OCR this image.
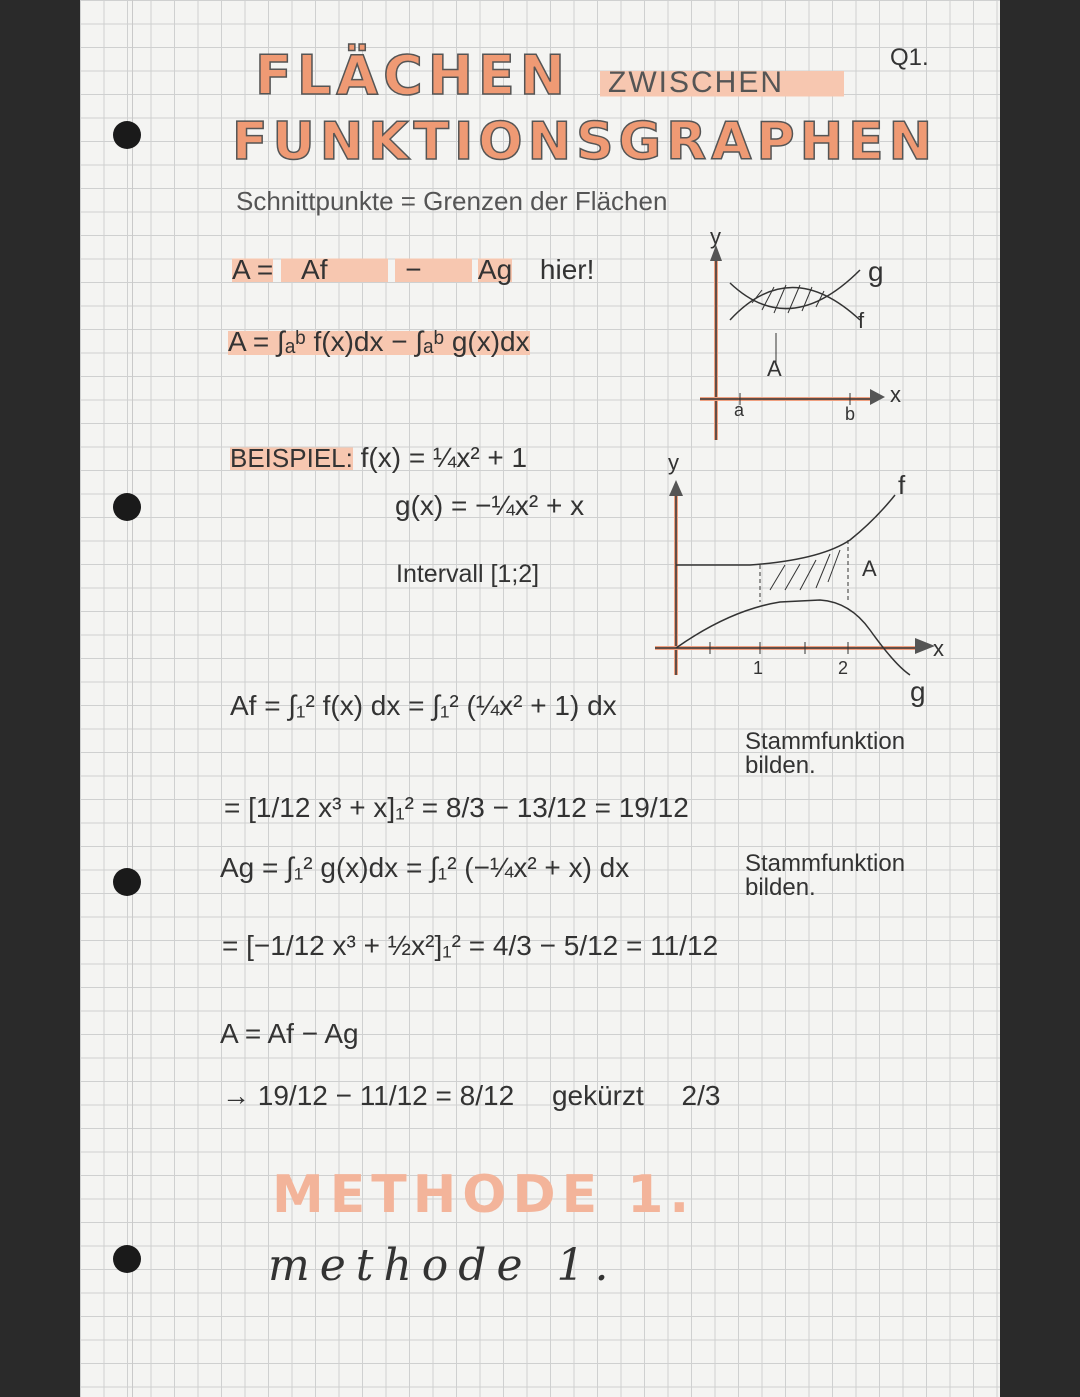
FLÄCHEN ZWISCHEN
FUNKTIONSGRAPHEN
Q1.
Schnittpunkte = Grenzen der Flächen
A = Af	− Ag hier!
A = ∫ₐᵇ f(x)dx − ∫ₐᵇ g(x)dx
y
x
g
f
A
a	b
BEISPIEL: f(x) = ¼x² + 1
g(x) = −¼x² + x
Intervall [1;2]
y
x
f
g
A
1	2
Af = ∫₁² f(x) dx = ∫₁² (¼x² + 1) dx
Stammfunktion bilden.
= [1/12 x³ + x]₁² = 8/3 − 13/12 = 19/12
Ag = ∫₁² g(x)dx = ∫₁² (−¼x² + x) dx	Stammfunktion bilden.
= [−1/12 x³ + ½x²]₁² = 4/3 − 5/12 = 11/12
A = Af − Ag
→ 19/12 − 11/12 = 8/12 gekürzt 2/3
METHODE 1.
methode 1.
